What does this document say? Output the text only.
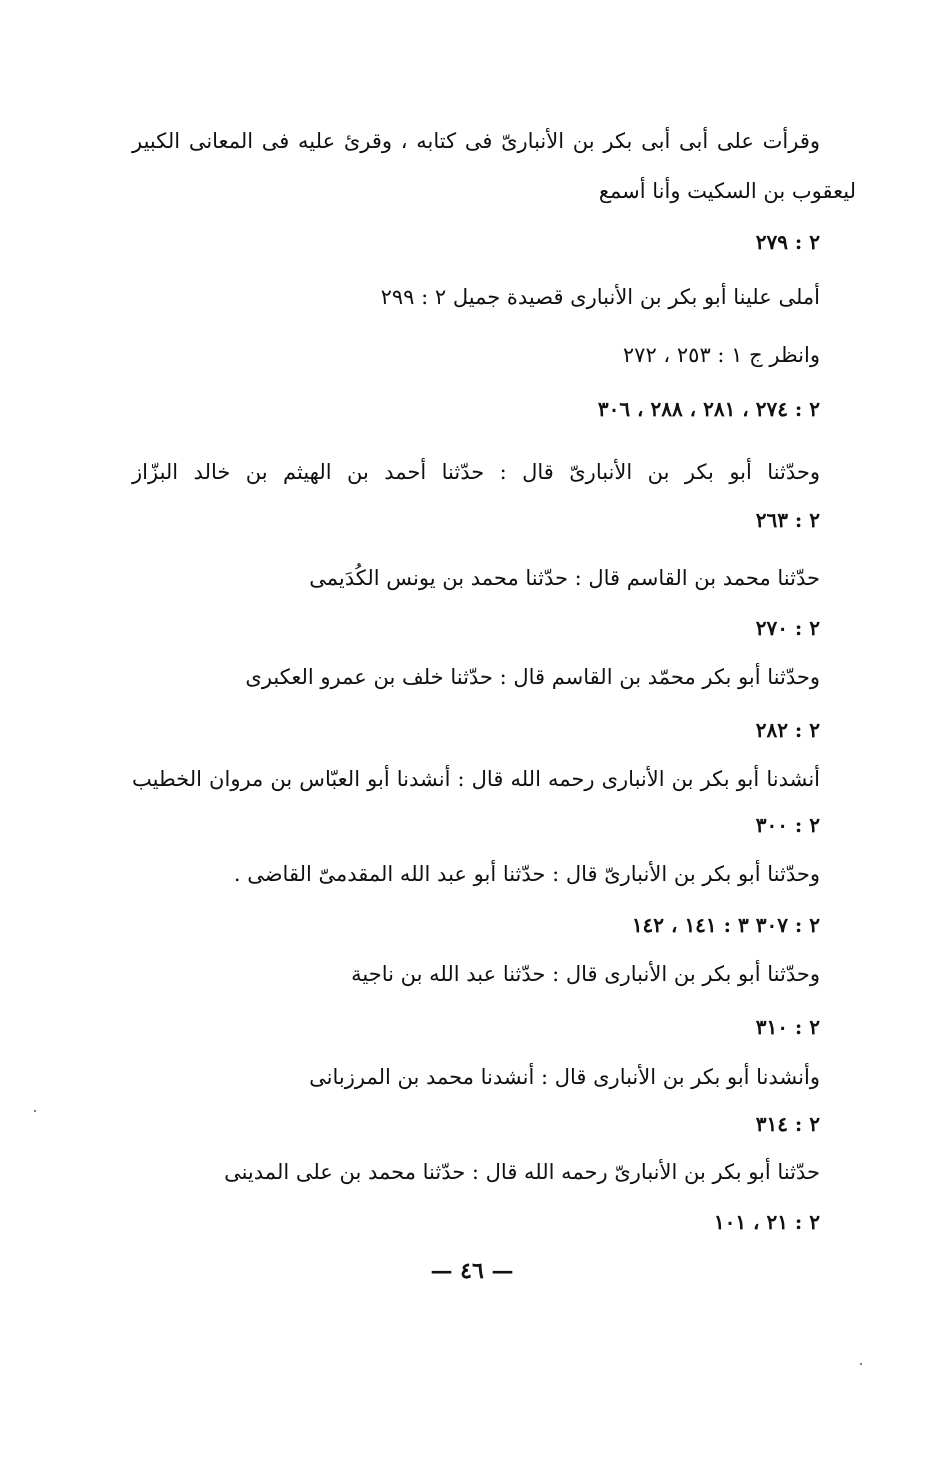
وقرأت على أبى أبى بكر بن الأنبارىّ فى كتابه ، وقرئ عليه فى المعانى الكبير
ليعقوب بن السكيت وأنا أسمع
٢ : ٢٧٩
أملى علينا أبو بكر بن الأنبارى قصيدة جميل ٢ : ٢٩٩
وانظر ج ١ : ٢٥٣ ، ٢٧٢
٢ : ٢٧٤ ، ٢٨١ ، ٢٨٨ ، ٣٠٦
وحدّثنا أبو بكر بن الأنبارىّ قال : حدّثنا أحمد بن الهيثم بن خالد البزّاز
٢ : ٢٦٣
حدّثنا محمد بن القاسم قال : حدّثنا محمد بن يونس الكُدَيمى
٢ : ٢٧٠
وحدّثنا أبو بكر محمّد بن القاسم قال : حدّثنا خلف بن عمرو العكبرى
٢ : ٢٨٢
أنشدنا أبو بكر بن الأنبارى رحمه الله قال : أنشدنا أبو العبّاس بن مروان الخطيب
٢ : ٣٠٠
وحدّثنا أبو بكر بن الأنبارىّ قال : حدّثنا أبو عبد الله المقدمىّ القاضى .
٢ : ٣٠٧ ٣ : ١٤١ ، ١٤٢
وحدّثنا أبو بكر بن الأنبارى قال : حدّثنا عبد الله بن ناجية
٢ : ٣١٠
وأنشدنا أبو بكر بن الأنبارى قال : أنشدنا محمد بن المرزبانى
٢ : ٣١٤
حدّثنا أبو بكر بن الأنبارىّ رحمه الله قال : حدّثنا محمد بن على المدينى
٢ : ٢١ ، ١٠١
— ٤٦ —
